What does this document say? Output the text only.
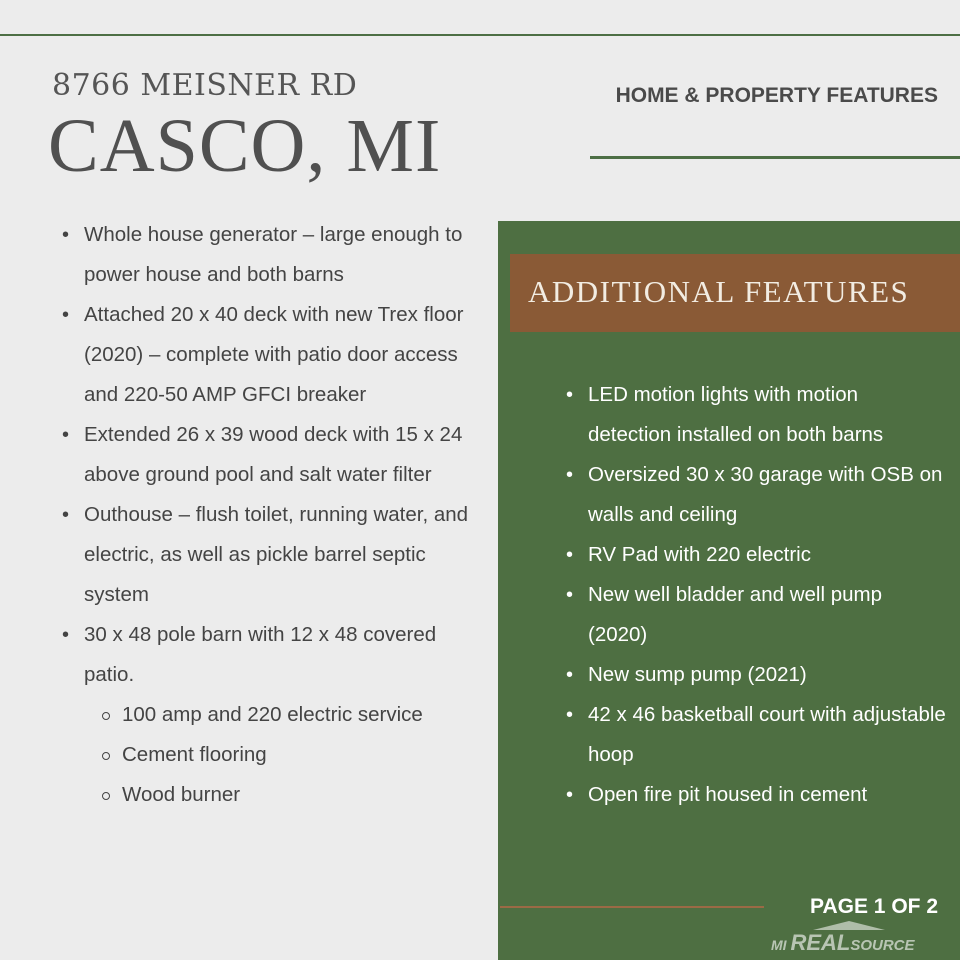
8766 MEISNER RD
CASCO, MI
HOME & PROPERTY FEATURES
• Whole house generator – large enough to power house and both barns
• Attached 20 x 40 deck with new Trex floor (2020) – complete with patio door access and 220-50 AMP GFCI breaker
• Extended 26 x 39 wood deck with 15 x 24 above ground pool and salt water filter
• Outhouse – flush toilet, running water, and electric, as well as pickle barrel septic system
• 30 x 48 pole barn with 12 x 48 covered patio.
100 amp and 220 electric service
Cement flooring
Wood burner
ADDITIONAL FEATURES
• LED motion lights with motion detection installed on both barns
• Oversized 30 x 30 garage with OSB on walls and ceiling
• RV Pad with 220 electric
• New well bladder and well pump (2020)
• New sump pump (2021)
• 42 x 46 basketball court with adjustable hoop
• Open fire pit housed in cement
PAGE 1 OF 2
MI REALSOURCE
